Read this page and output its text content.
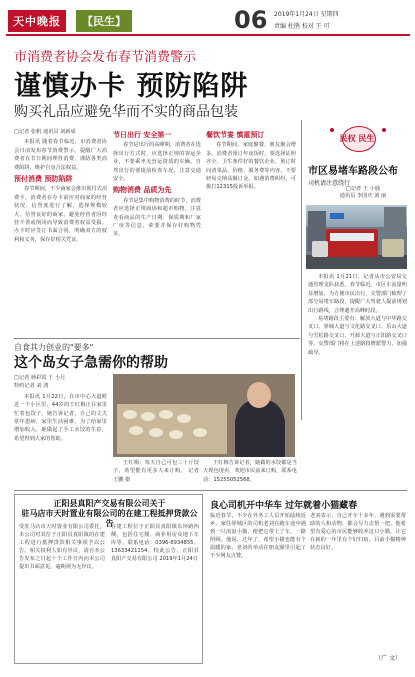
天中晚报	【民生】	06 2019年1月24日 星期四
责编 杜鹃 校对 王 可
市消费者协会发布春节消费警示
谨慎办卡 预防陷阱
购买礼品应避免华而不实的商品包装
□记者 张帆 通讯员 刘新成

本报讯 随着春节临近，市消费者协会日前发布春节消费警示，提醒广大消费者在节日期间理性消费，谨防各类消费陷阱，维护自身合法权益。

预付消费 预防陷阱

春节期间，不少商家会推出预付式消费卡，消费者在办卡前应对商家的经营状况、信誉度进行了解，选择规模较大、信誉良好的商家，避免经营者因经营不善或倒闭而导致消费者权益受损。办卡时应签订书面合同，明确双方的权利和义务，保存好相关凭证。

节日出行 安全第一

春节是出行的高峰期，消费者在选择出行方式时，应选择正规的客运企业，不要乘坐无营运资质的车辆。自驾出行的要提前检查车况，注意交通安全。

购物消费 品质为先

春节是集中购物消费的时节，消费者应选择正规商场和超市购物，注意查看商品的生产日期、保质期和厂家厂址等信息，索要并保存好购物凭证。

餐饮节宴 慎重预订

春节期间，家庭聚餐、朋友聚会增多。消费者预订年夜饭时，要选择证照齐全、卫生条件好的餐饮企业，预订时问清菜品、价格、服务费等内容，不要轻易交纳高额订金。如遇消费纠纷，可拨打12315投诉举报。

民权 民生
市区易堵车路段公布
司机请注意绕行
□记者 王 小鹿
通讯员 李国庆 刘 丽

本报讯 1月21日，记者从市公安局交通管理支队获悉，春节临近，市区车流量明显增加，为方便市民出行，交警部门梳理了部分易堵车路段，提醒广大驾驶人提前规划出行路线，合理避开高峰时段。

易堵路段主要有：解放大道与中华路交叉口、驿城大道与文化路交叉口、乐山大道与雪松路交叉口、开源大道与正阳路交叉口等。交警部门将在上述路段增派警力，加强疏导。

自食其力创业的"要多"
这个岛女子急需你的帮助
□记者 杨彩霞 王 小月
特约记者 刘 鸿

本报讯 1月22日，在市中心大道附近一个小区里，44岁的王红梅正在家里忙着包饺子。她告诉记者，自己的丈夫常年患病，家里生活困难，为了给家里增加收入，她做起了手工水饺的生意，希望得到大家的帮助。

王红梅：每天自己可包三十斤饺子，希望能有更多人来订购。 记者 王鹏 摄

王红梅告诉记者，她做的水饺都是当天现包现卖，欢迎市民前来订购，联系电话：15255052568。

正阳县真阳产交易有限公司关于
驻马店市天时置业有限公司的在建工程抵押贷款公告
受驻马店市天时置业有限公司委托，本公司对其位于正阳县真阳镇的在建工程进行抵押贷款相关事项予以公告。相关权利人如有异议，请自本公告发布之日起十个工作日内向本公司提出书面意见，逾期视为无异议。
在建工程位于正阳县真阳镇东环路西侧，包括住宅楼、商业用房及地下车库等。联系电话：0396-8934855、13633421154。特此公告。正阳县真阳产交易有限公司 2019年1月24日
良心司机开中华车 过年就着小猫藏春
临近春节，不少在外务工人员开始陆续返乡。家住驿城区的司机老刘在跑车途中遇到一只流浪小猫，便把它带上了车，一路照顾。他说，过年了，希望小猫也能有个温暖的家。老刘的举动在朋友圈里引起了不少网友点赞。
老刘表示，自己开车十多年，遇到需要帮助的人和动物，都会尽力去帮一把。他希望有爱心的市民能够收养这只小猫，让它在新的一年里有个好归宿。目前小猫精神状态良好。
（广 文）
